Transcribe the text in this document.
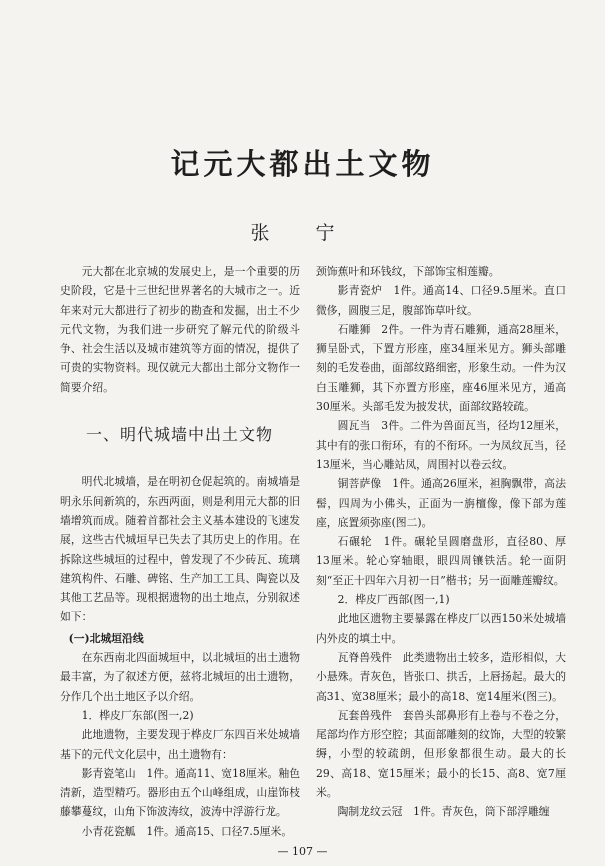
记元大都出土文物
张 宁

元大都在北京城的发展史上，是一个重要的历史阶段，它是十三世纪世界著名的大城市之一。近年来对元大都进行了初步的勘查和发掘，出土不少元代文物，为我们进一步研究了解元代的阶级斗争、社会生活以及城市建筑等方面的情况，提供了可贵的实物资料。现仅就元大都出土部分文物作一简要介绍。

一、明代城墙中出土文物

明代北城墙，是在明初仓促起筑的。南城墙是明永乐间新筑的，东西两面，则是利用元大都的旧墙增筑而成。随着首都社会主义基本建设的飞速发展，这些古代城垣早已失去了其历史上的作用。在拆除这些城垣的过程中，曾发现了不少砖瓦、琉璃建筑构件、石雕、碑铭、生产加工工具、陶瓷以及其他工艺品等。现根据遗物的出土地点，分别叙述如下：

(一)北城垣沿线

在东西南北四面城垣中，以北城垣的出土遗物最丰富，为了叙述方便，兹将北城垣的出土遗物，分作几个出土地区予以介绍。

1．桦皮厂东部(图一,2)

此地遗物，主要发现于桦皮厂东四百米处城墙基下的元代文化层中，出土遗物有：

影青瓷笔山　1件。通高11、宽18厘米。釉色清新，造型精巧。器形由五个山峰组成，山崖饰枝藤攀蔓纹，山角下饰波涛纹，波涛中浮游行龙。

小青花瓷觚　1件。通高15、口径7.5厘米。

颈饰蕉叶和环钱纹，下部饰宝相莲瓣。

影青瓷炉　1件。通高14、口径9.5厘米。直口微侈，圆腹三足，腹部饰草叶纹。

石雕狮　2件。一件为青石雕狮，通高28厘米，狮呈卧式，下置方形座，座34厘米见方。狮头部雕刻的毛发卷曲，面部纹路细密，形象生动。一件为汉白玉雕狮，其下亦置方形座，座46厘米见方，通高30厘米。头部毛发为披发状，面部纹路较疏。

圆瓦当　3件。二件为兽面瓦当，径均12厘米，其中有的张口衔环，有的不衔环。一为凤纹瓦当，径13厘米，当心雕站凤，周围衬以卷云纹。

铜菩萨像　1件。通高26厘米，袒胸飘带，高法髻，四周为小佛头，正面为一旃檀像，像下部为莲座，底置须弥座(图二)。

石碾轮　1件。碾轮呈圆磨盘形，直径80、厚13厘米。轮心穿轴眼，眼四周镶铁活。轮一面阴刻“至正十四年六月初一日”楷书；另一面雕莲瓣纹。

2．桦皮厂西部(图一,1)

此地区遗物主要暴露在桦皮厂以西150米处城墙内外皮的填土中。

瓦脊兽残件　此类遗物出土较多，造形相似，大小悬殊。青灰色，皆张口、拱舌，上唇扬起。最大的高31、宽38厘米；最小的高18、宽14厘米(图三)。

瓦套兽残件　套兽头部鼻形有上卷与不卷之分，尾部均作方形空腔；其面部雕刻的纹饰，大型的较繁缛，小型的较疏朗，但形象都很生动。最大的长29、高18、宽15厘米；最小的长15、高8、宽7厘米。

陶制龙纹云冠　1件。青灰色，筒下部浮雕缠

— 107 —
